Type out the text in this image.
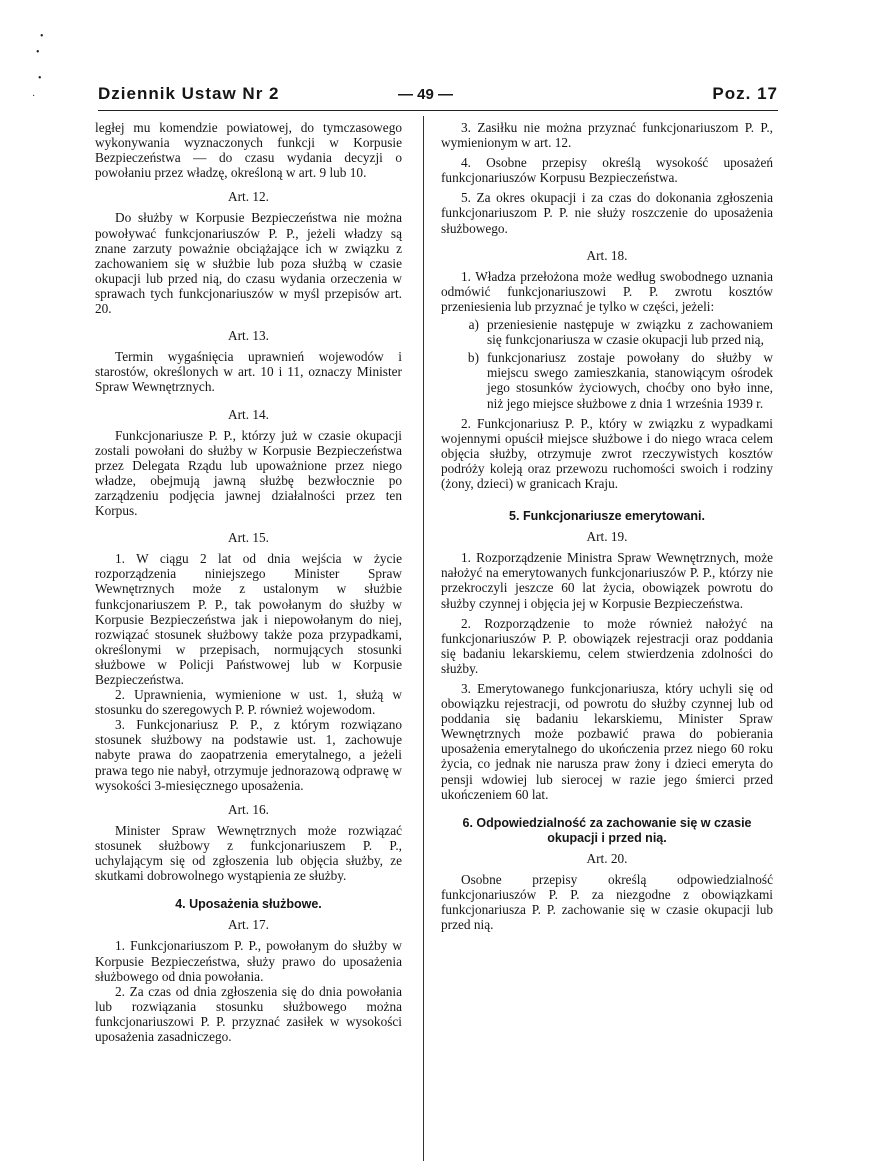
•
•
•
·	Dziennik Ustaw Nr 2	— 49 —	Poz. 17

ległej mu komendzie powiatowej, do tymczasowego wykonywania wyznaczonych funkcji w Korpusie Bezpieczeństwa — do czasu wydania decyzji o powołaniu przez władzę, określoną w art. 9 lub 10.

Art. 12.

Do służby w Korpusie Bezpieczeństwa nie można powoływać funkcjonariuszów P. P., jeżeli władzy są znane zarzuty poważnie obciążające ich w związku z zachowaniem się w służbie lub poza służbą w czasie okupacji lub przed nią, do czasu wydania orzeczenia w sprawach tych funkcjonariuszów w myśl przepisów art. 20.

Art. 13.

Termin wygaśnięcia uprawnień wojewodów i starostów, określonych w art. 10 i 11, oznaczy Minister Spraw Wewnętrznych.

Art. 14.

Funkcjonariusze P. P., którzy już w czasie okupacji zostali powołani do służby w Korpusie Bezpieczeństwa przez Delegata Rządu lub upoważnione przez niego władze, obejmują jawną służbę bezwłocznie po zarządzeniu podjęcia jawnej działalności przez ten Korpus.

Art. 15.

1. W ciągu 2 lat od dnia wejścia w życie rozporządzenia niniejszego Minister Spraw Wewnętrznych może z ustalonym w służbie funkcjonariuszem P. P., tak powołanym do służby w Korpusie Bezpieczeństwa jak i niepowołanym do niej, rozwiązać stosunek służbowy także poza przypadkami, określonymi w przepisach, normujących stosunki służbowe w Policji Państwowej lub w Korpusie Bezpieczeństwa.

2. Uprawnienia, wymienione w ust. 1, służą w stosunku do szeregowych P. P. również wojewodom.

3. Funkcjonariusz P. P., z którym rozwiązano stosunek służbowy na podstawie ust. 1, zachowuje nabyte prawa do zaopatrzenia emerytalnego, a jeżeli prawa tego nie nabył, otrzymuje jednorazową odprawę w wysokości 3-miesięcznego uposażenia.

Art. 16.

Minister Spraw Wewnętrznych może rozwiązać stosunek służbowy z funkcjonariuszem P. P., uchylającym się od zgłoszenia lub objęcia służby, ze skutkami dobrowolnego wystąpienia ze służby.

4. Uposażenia służbowe.
Art. 17.

1. Funkcjonariuszom P. P., powołanym do służby w Korpusie Bezpieczeństwa, służy prawo do uposażenia służbowego od dnia powołania.

2. Za czas od dnia zgłoszenia się do dnia powołania lub rozwiązania stosunku służbowego można funkcjonariuszowi P. P. przyznać zasiłek w wysokości uposażenia zasadniczego.

3. Zasiłku nie można przyznać funkcjonariuszom P. P., wymienionym w art. 12.

4. Osobne przepisy określą wysokość uposażeń funkcjonariuszów Korpusu Bezpieczeństwa.

5. Za okres okupacji i za czas do dokonania zgłoszenia funkcjonariuszom P. P. nie służy roszczenie do uposażenia służbowego.

Art. 18.

1. Władza przełożona może według swobodnego uznania odmówić funkcjonariuszowi P. P. zwrotu kosztów przeniesienia lub przyznać je tylko w części, jeżeli:

a) przeniesienie następuje w związku z zachowaniem się funkcjonariusza w czasie okupacji lub przed nią,
b) funkcjonariusz zostaje powołany do służby w miejscu swego zamieszkania, stanowiącym ośrodek jego stosunków życiowych, choćby ono było inne, niż jego miejsce służbowe z dnia 1 września 1939 r.

2. Funkcjonariusz P. P., który w związku z wypadkami wojennymi opuścił miejsce służbowe i do niego wraca celem objęcia służby, otrzymuje zwrot rzeczywistych kosztów podróży koleją oraz przewozu ruchomości swoich i rodziny (żony, dzieci) w granicach Kraju.

5. Funkcjonariusze emerytowani.
Art. 19.

1. Rozporządzenie Ministra Spraw Wewnętrznych, może nałożyć na emerytowanych funkcjonariuszów P. P., którzy nie przekroczyli jeszcze 60 lat życia, obowiązek powrotu do służby czynnej i objęcia jej w Korpusie Bezpieczeństwa.

2. Rozporządzenie to może również nałożyć na funkcjonariuszów P. P. obowiązek rejestracji oraz poddania się badaniu lekarskiemu, celem stwierdzenia zdolności do służby.

3. Emerytowanego funkcjonariusza, który uchyli się od obowiązku rejestracji, od powrotu do służby czynnej lub od poddania się badaniu lekarskiemu, Minister Spraw Wewnętrznych może pozbawić prawa do pobierania uposażenia emerytalnego do ukończenia przez niego 60 roku życia, co jednak nie narusza praw żony i dzieci emeryta do pensji wdowiej lub sierocej w razie jego śmierci przed ukończeniem 60 lat.

6. Odpowiedzialność za zachowanie się w czasie okupacji i przed nią.
Art. 20.

Osobne przepisy określą odpowiedzialność funkcjonariuszów P. P. za niezgodne z obowiązkami funkcjonariusza P. P. zachowanie się w czasie okupacji lub przed nią.
